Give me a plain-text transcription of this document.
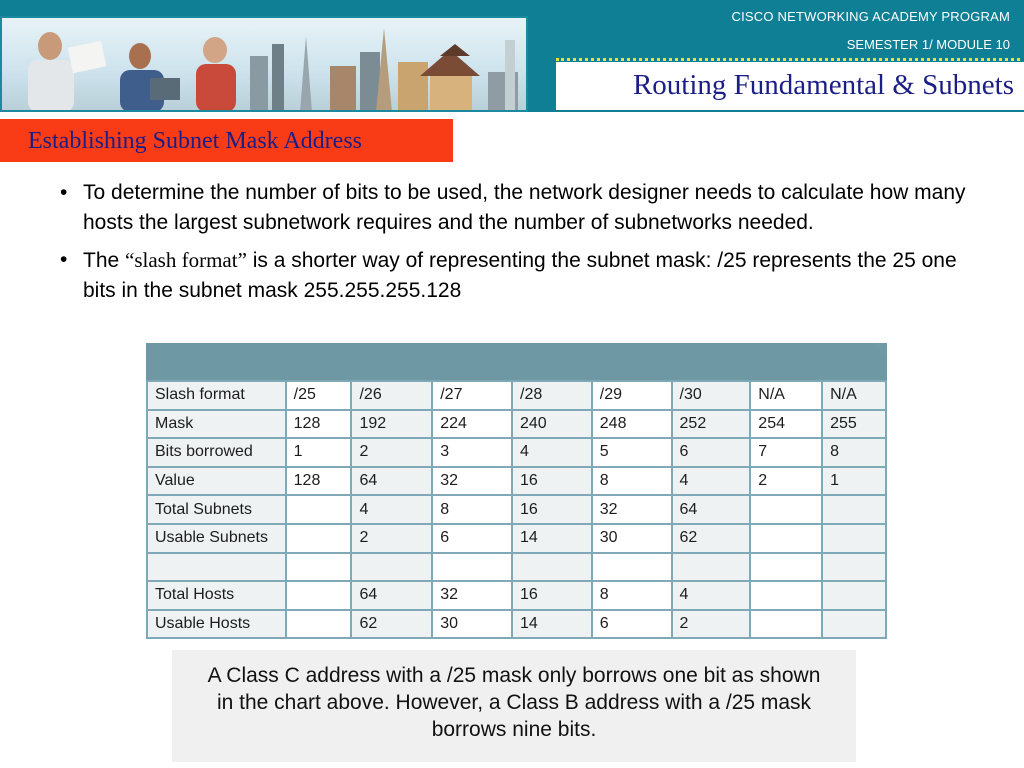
CISCO NETWORKING ACADEMY PROGRAM
SEMESTER 1/ MODULE 10
Routing Fundamental & Subnets
Establishing Subnet Mask Address
• To determine the number of bits to be used, the network designer needs to calculate how many hosts the largest subnetwork requires and the number of subnetworks needed.
• The “slash format” is a shorter way of representing the subnet mask: /25 represents the 25 one bits in the subnet mask 255.255.255.128
Slash format	/25	/26	/27	/28	/29	/30	N/A	N/A
Mask	128	192	224	240	248	252	254	255
Bits borrowed	1	2	3	4	5	6	7	8
Value	128	64	32	16	8	4	2	1
Total Subnets		4	8	16	32	64		
Usable Subnets		2	6	14	30	62		

Total Hosts		64	32	16	8	4		
Usable Hosts		62	30	14	6	2		
A Class C address with a /25 mask only borrows one bit as shown
in the chart above. However, a Class B address with a /25 mask
borrows nine bits.
